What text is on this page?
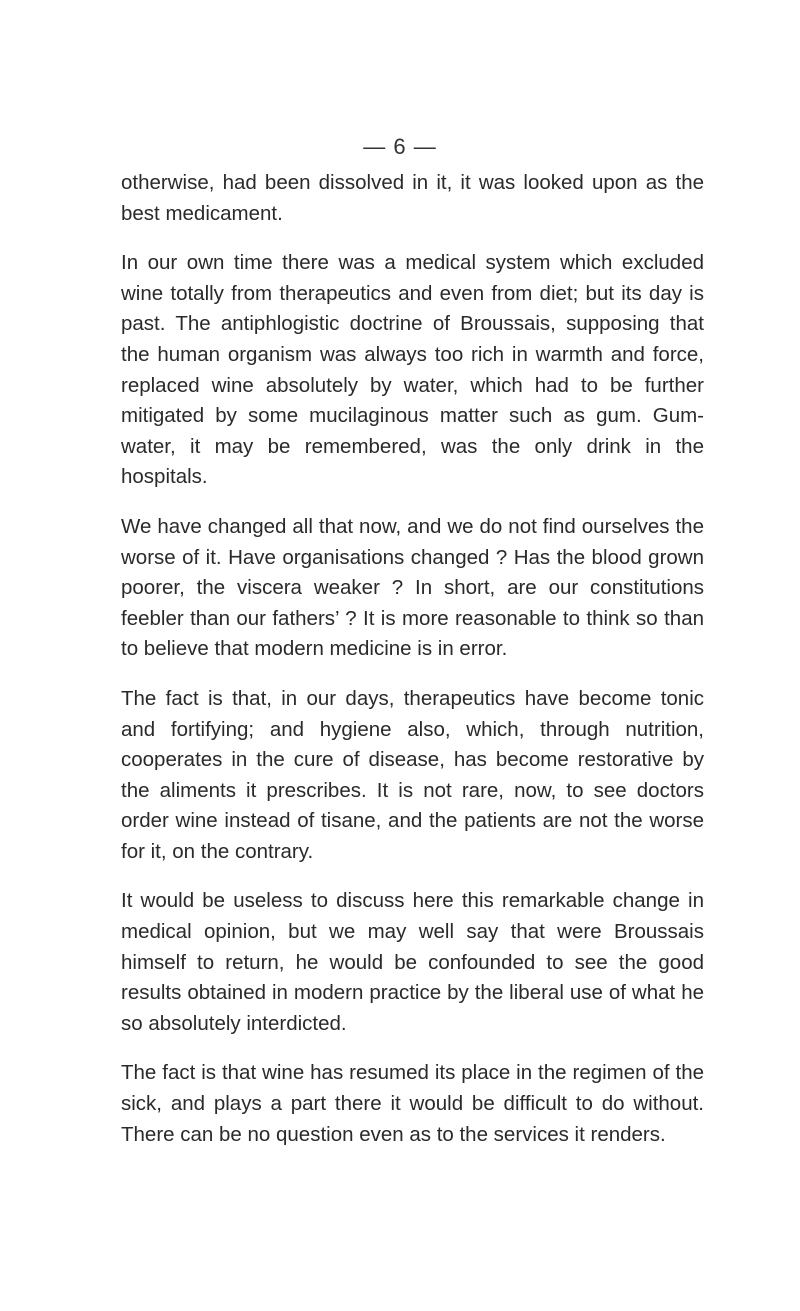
— 6 —

otherwise, had been dissolved in it, it was looked upon as the best medicament.

In our own time there was a medical system which excluded wine totally from therapeutics and even from diet; but its day is past. The antiphlogistic doctrine of Broussais, supposing that the human organism was always too rich in warmth and force, replaced wine absolutely by water, which had to be further mitigated by some mucilaginous matter such as gum. Gum-water, it may be remembered, was the only drink in the hospitals.

We have changed all that now, and we do not find ourselves the worse of it. Have organisations changed ? Has the blood grown poorer, the viscera weaker ? In short, are our constitutions feebler than our fathers’ ? It is more reasonable to think so than to believe that modern medicine is in error.

The fact is that, in our days, therapeutics have become tonic and fortifying; and hygiene also, which, through nutrition, cooperates in the cure of disease, has become restorative by the aliments it prescribes. It is not rare, now, to see doctors order wine instead of tisane, and the patients are not the worse for it, on the contrary.

It would be useless to discuss here this remarkable change in medical opinion, but we may well say that were Broussais himself to return, he would be confounded to see the good results obtained in modern practice by the liberal use of what he so absolutely interdicted.

The fact is that wine has resumed its place in the regimen of the sick, and plays a part there it would be difficult to do without. There can be no question even as to the services it renders.
